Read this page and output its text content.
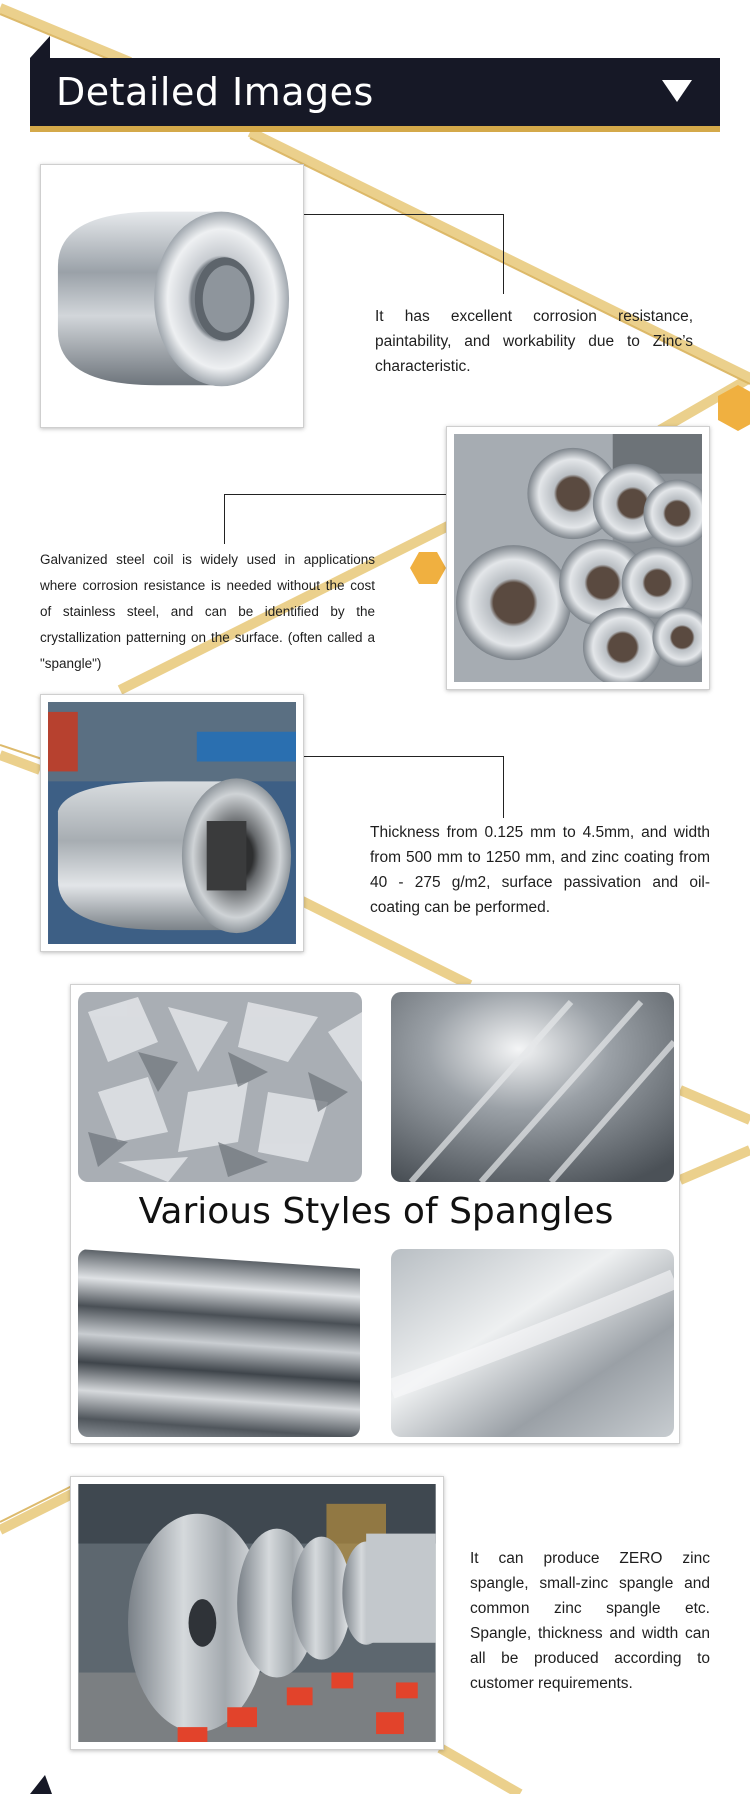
Detailed Images
It has excellent corrosion resistance, paintability, and workability due to Zinc’s characteristic.
Galvanized steel coil is widely used in applications where corrosion resistance is needed without the cost of stainless steel, and can be identified by the crystallization patterning on the surface. (often called a "spangle")
Thickness from 0.125 mm to 4.5mm, and width from 500 mm to 1250 mm, and zinc coating from 40 - 275 g/m2, surface passivation and oil-coating can be performed.
Various Styles of Spangles
It can produce ZERO zinc spangle, small-zinc spangle and common zinc spangle etc. Spangle, thickness and width can all be produced according to customer requirements.
